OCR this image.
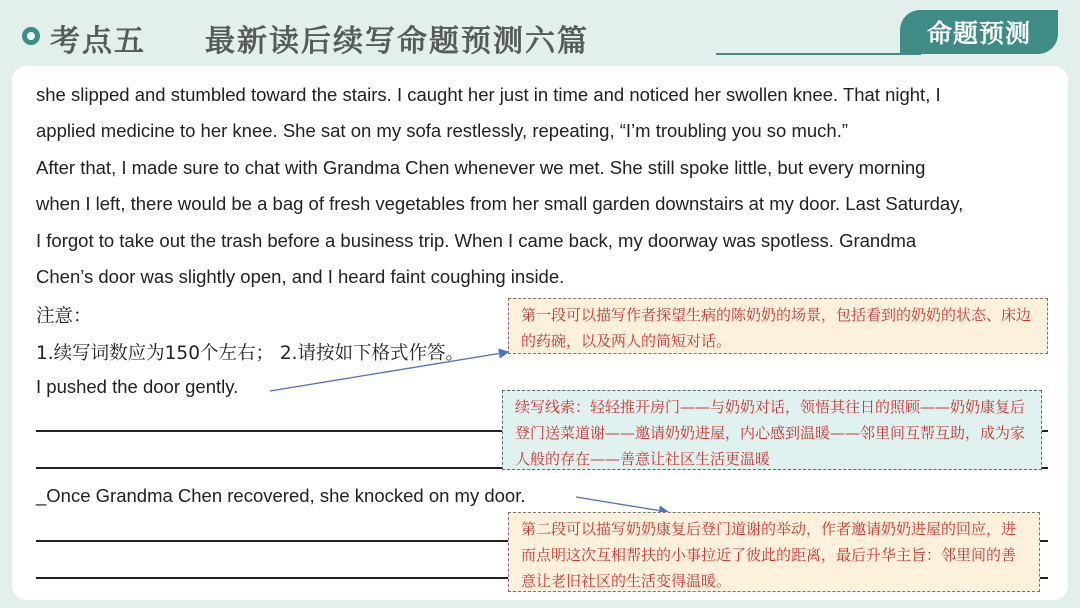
考点五 最新读后续写命题预测六篇	命题预测
she slipped and stumbled toward the stairs. I caught her just in time and noticed her swollen knee. That night, I
applied medicine to her knee. She sat on my sofa restlessly, repeating, “I’m troubling you so much.”
After that, I made sure to chat with Grandma Chen whenever we met. She still spoke little, but every morning
when I left, there would be a bag of fresh vegetables from her small garden downstairs at my door. Last Saturday,
I forgot to take out the trash before a business trip. When I came back, my doorway was spotless. Grandma
Chen’s door was slightly open, and I heard faint coughing inside.
注意：
1.续写词数应为150个左右； 2.请按如下格式作答。
I pushed the door gently.
_Once Grandma Chen recovered, she knocked on my door.
第一段可以描写作者探望生病的陈奶奶的场景，包括看到的奶奶的状态、床边的药碗，以及两人的简短对话。
续写线索：轻轻推开房门——与奶奶对话，领悟其往日的照顾——奶奶康复后登门送菜道谢——邀请奶奶进屋，内心感到温暖——邻里间互帮互助，成为家人般的存在——善意让社区生活更温暖
第二段可以描写奶奶康复后登门道谢的举动，作者邀请奶奶进屋的回应，进而点明这次互相帮扶的小事拉近了彼此的距离，最后升华主旨：邻里间的善意让老旧社区的生活变得温暖。
